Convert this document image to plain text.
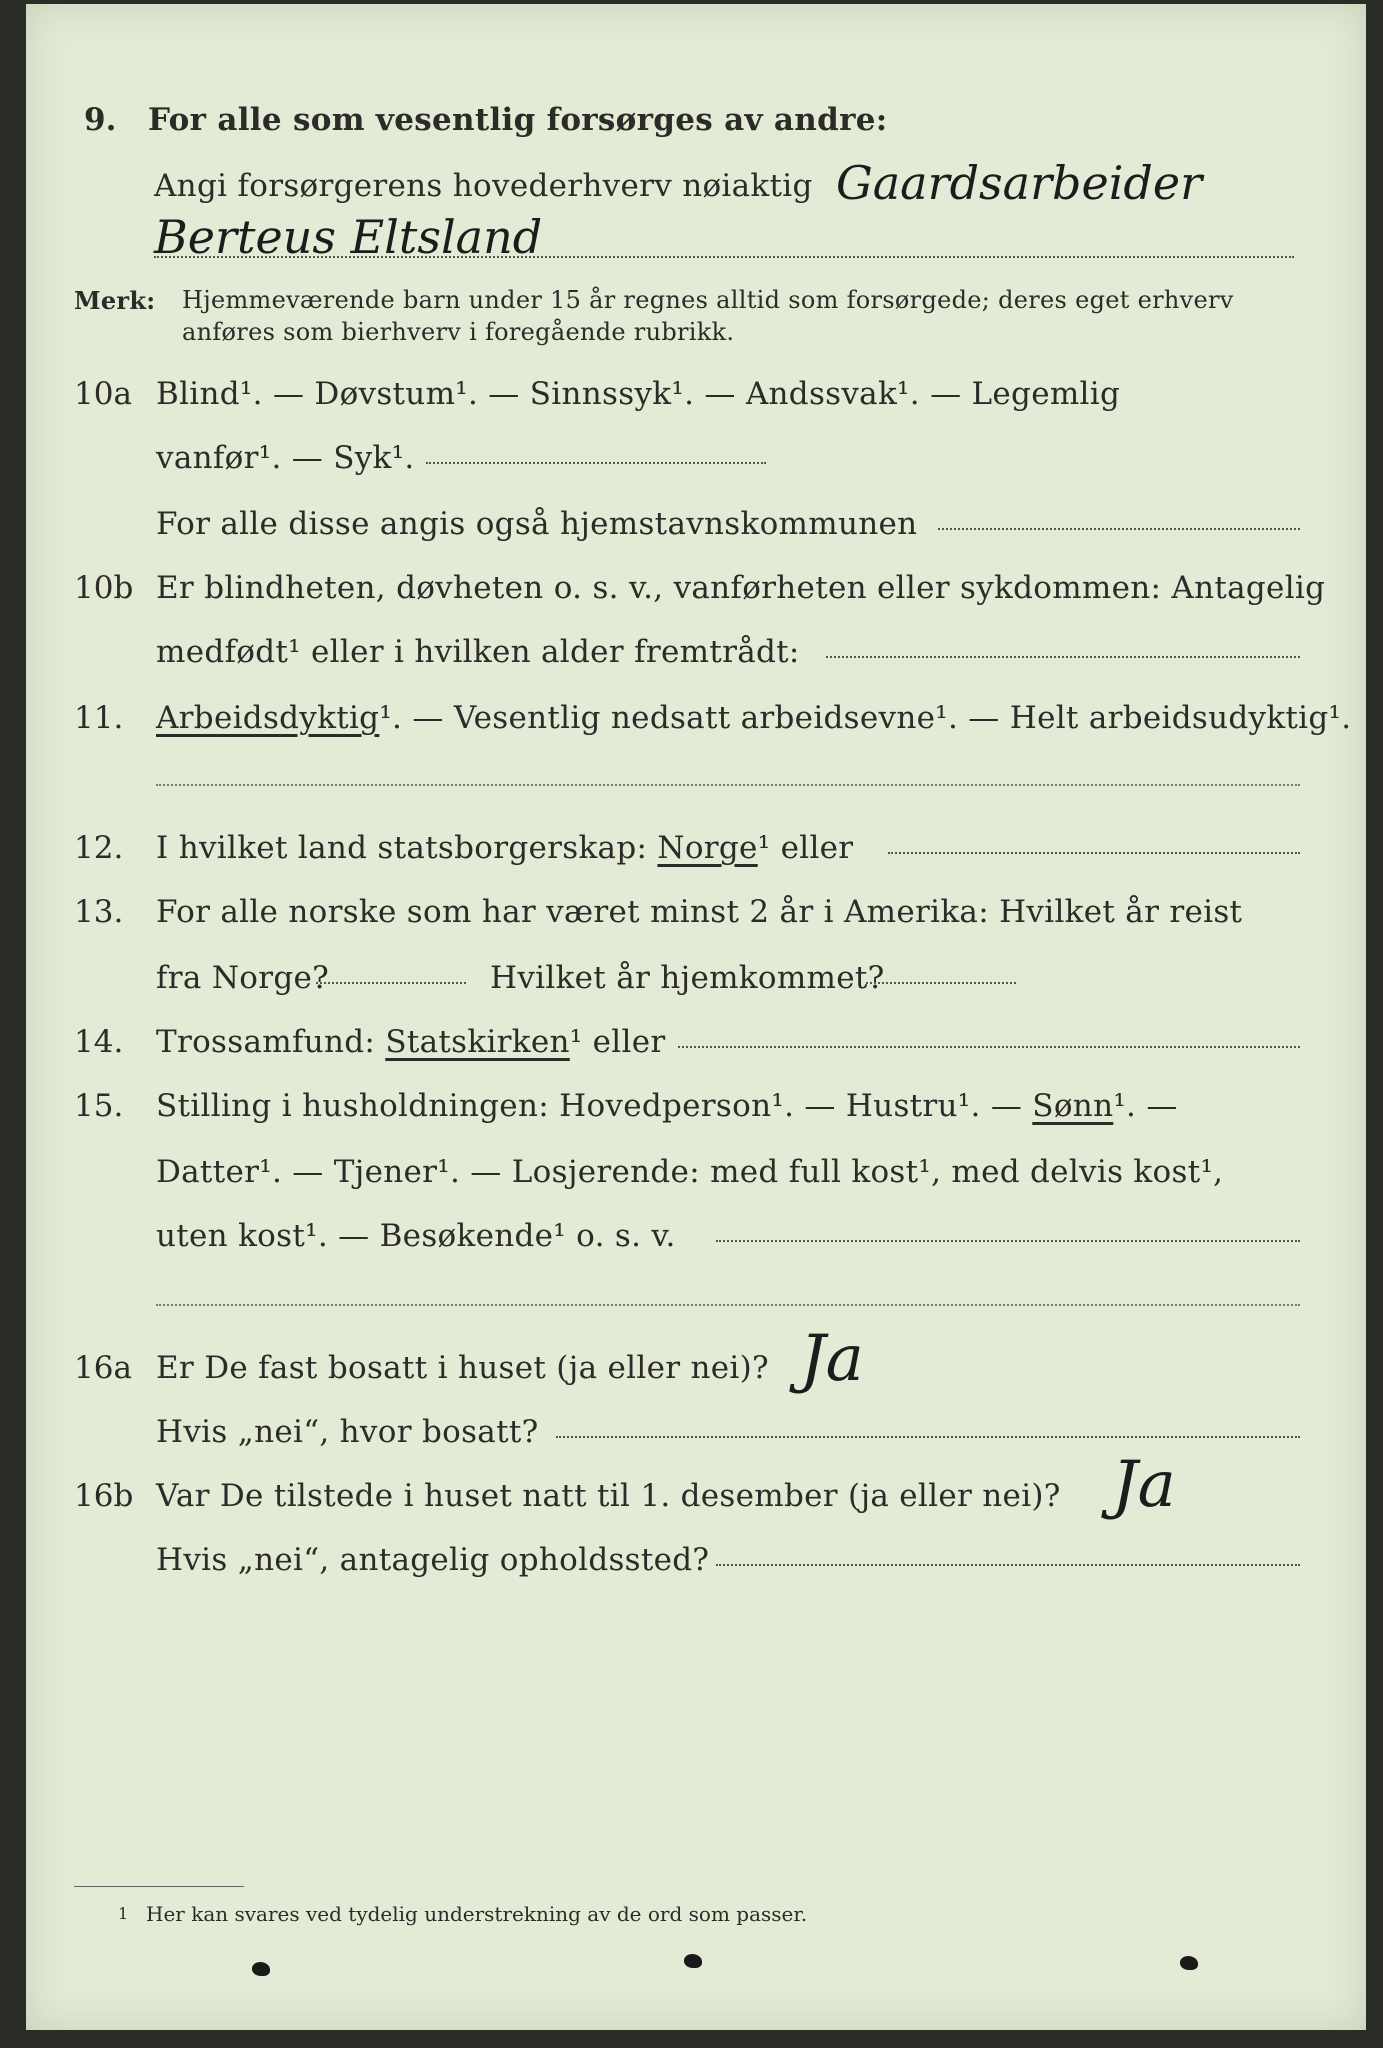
9. For alle som vesentlig forsørges av andre:
Angi forsørgerens hovederhverv nøiaktig Gaardsarbeider
Berteus Eltsland
Merk: Hjemmeværende barn under 15 år regnes alltid som forsørgede; deres eget erhverv
anføres som bierhverv i foregående rubrikk.
10a Blind¹. — Døvstum¹. — Sinnssyk¹. — Andssvak¹. — Legemlig
vanfør¹. — Syk¹.
For alle disse angis også hjemstavnskommunen
10b Er blindheten, døvheten o. s. v., vanførheten eller sykdommen: Antagelig
medfødt¹ eller i hvilken alder fremtrådt:
11. Arbeidsdyktig¹. — Vesentlig nedsatt arbeidsevne¹. — Helt arbeidsudyktig¹.
12. I hvilket land statsborgerskap: Norge¹ eller
13. For alle norske som har været minst 2 år i Amerika: Hvilket år reist
fra Norge?	Hvilket år hjemkommet?
14. Trossamfund: Statskirken¹ eller
15. Stilling i husholdningen: Hovedperson¹. — Hustru¹. — Sønn¹. —
Datter¹. — Tjener¹. — Losjerende: med full kost¹, med delvis kost¹,
uten kost¹. — Besøkende¹ o. s. v.
16a Er De fast bosatt i huset (ja eller nei)? Ja
Hvis „nei“, hvor bosatt?
16b Var De tilstede i huset natt til 1. desember (ja eller nei)? Ja
Hvis „nei“, antagelig opholdssted?
1 Her kan svares ved tydelig understrekning av de ord som passer.
